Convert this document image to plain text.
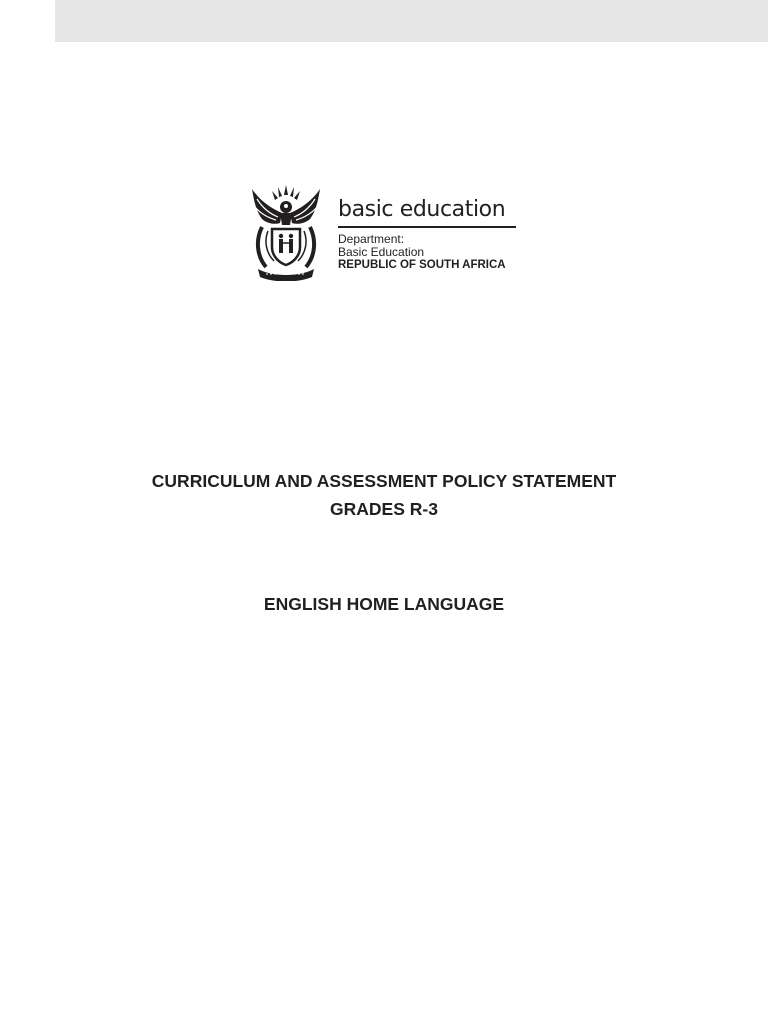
basic education
Department:
Basic Education
REPUBLIC OF SOUTH AFRICA
CURRICULUM AND ASSESSMENT POLICY STATEMENT
GRADES R-3
ENGLISH HOME LANGUAGE
